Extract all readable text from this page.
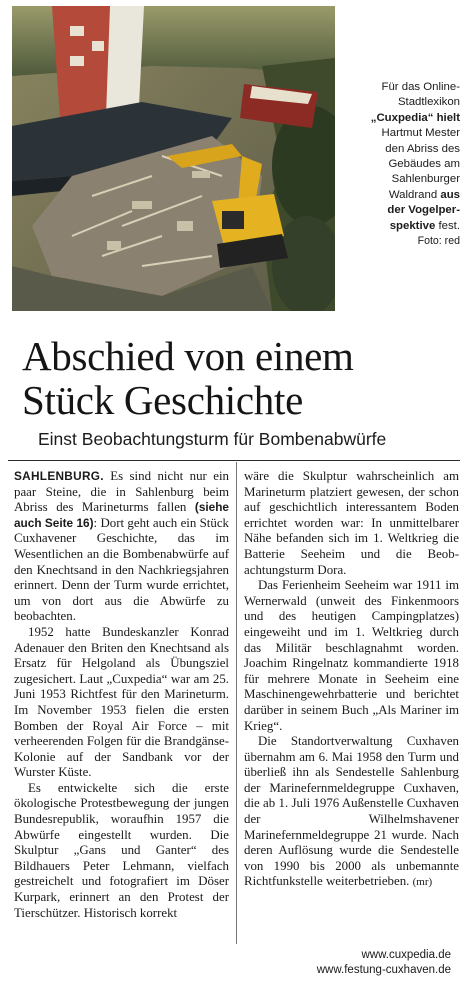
Für das Online-
Stadtlexikon
„Cuxpedia“ hielt
Hartmut Mester
den Abriss des
Gebäudes am
Sahlenburger
Waldrand aus
der Vogelper-
spektive fest.
Foto: red
Abschied von einem
Stück Geschichte
Einst Beobachtungsturm für Bombenabwürfe

SAHLENBURG. Es sind nicht nur ein paar Steine, die in Sahlenburg beim Abriss des Marineturms fallen (siehe auch Seite 16): Dort geht auch ein Stück Cuxhavener Geschichte, das im Wesentlichen an die Bombenabwürfe auf den Knechtsand in den Nachkriegsjahren erinnert. Denn der Turm wurde errichtet, um von dort aus die Abwürfe zu beobachten.

1952 hatte Bundeskanzler Konrad Adenauer den Briten den Knechtsand als Ersatz für Helgoland als Übungsziel zugesichert. Laut „Cuxpedia“ war am 25. Juni 1953 Richtfest für den Marineturm. Im November 1953 fielen die ersten Bomben der Royal Air Force – mit verheerenden Folgen für die Brandgänse-Kolonie auf der Sandbank vor der Wurster Küste.

Es entwickelte sich die erste ökologische Protestbewegung der jungen Bundesrepublik, woraufhin 1957 die Abwürfe eingestellt wurden. Die Skulptur „Gans und Ganter“ des Bildhauers Peter Lehmann, vielfach gestreichelt und fotografiert im Döser Kurpark, erinnert an den Protest der Tierschützer. Historisch korrekt

wäre die Skulptur wahrscheinlich am Marineturm platziert gewesen, der schon auf geschichtlich interessantem Boden errichtet worden war: In unmittelbarer Nähe befanden sich im 1. Weltkrieg die Batterie Seeheim und die Beobachtungsturm Dora.

Das Ferienheim Seeheim war 1911 im Wernerwald (unweit des Finkenmoors und des heutigen Campingplatzes) eingeweiht und im 1. Weltkrieg durch das Militär beschlagnahmt worden. Joachim Ringelnatz kommandierte 1918 für mehrere Monate in Seeheim eine Maschinengewehrbatterie und berichtet darüber in seinem Buch „Als Mariner im Krieg“.

Die Standortverwaltung Cuxhaven übernahm am 6. Mai 1958 den Turm und überließ ihn als Sendestelle Sahlenburg der Marinefernmeldegruppe Cuxhaven, die ab 1. Juli 1976 Außenstelle Cuxhaven der Wilhelmshavener Marinefernmeldegruppe 21 wurde. Nach deren Auflösung wurde die Sendestelle von 1990 bis 2000 als unbemannte Richtfunkstelle weiterbetrieben. (mr)

www.cuxpedia.de
www.festung-cuxhaven.de
